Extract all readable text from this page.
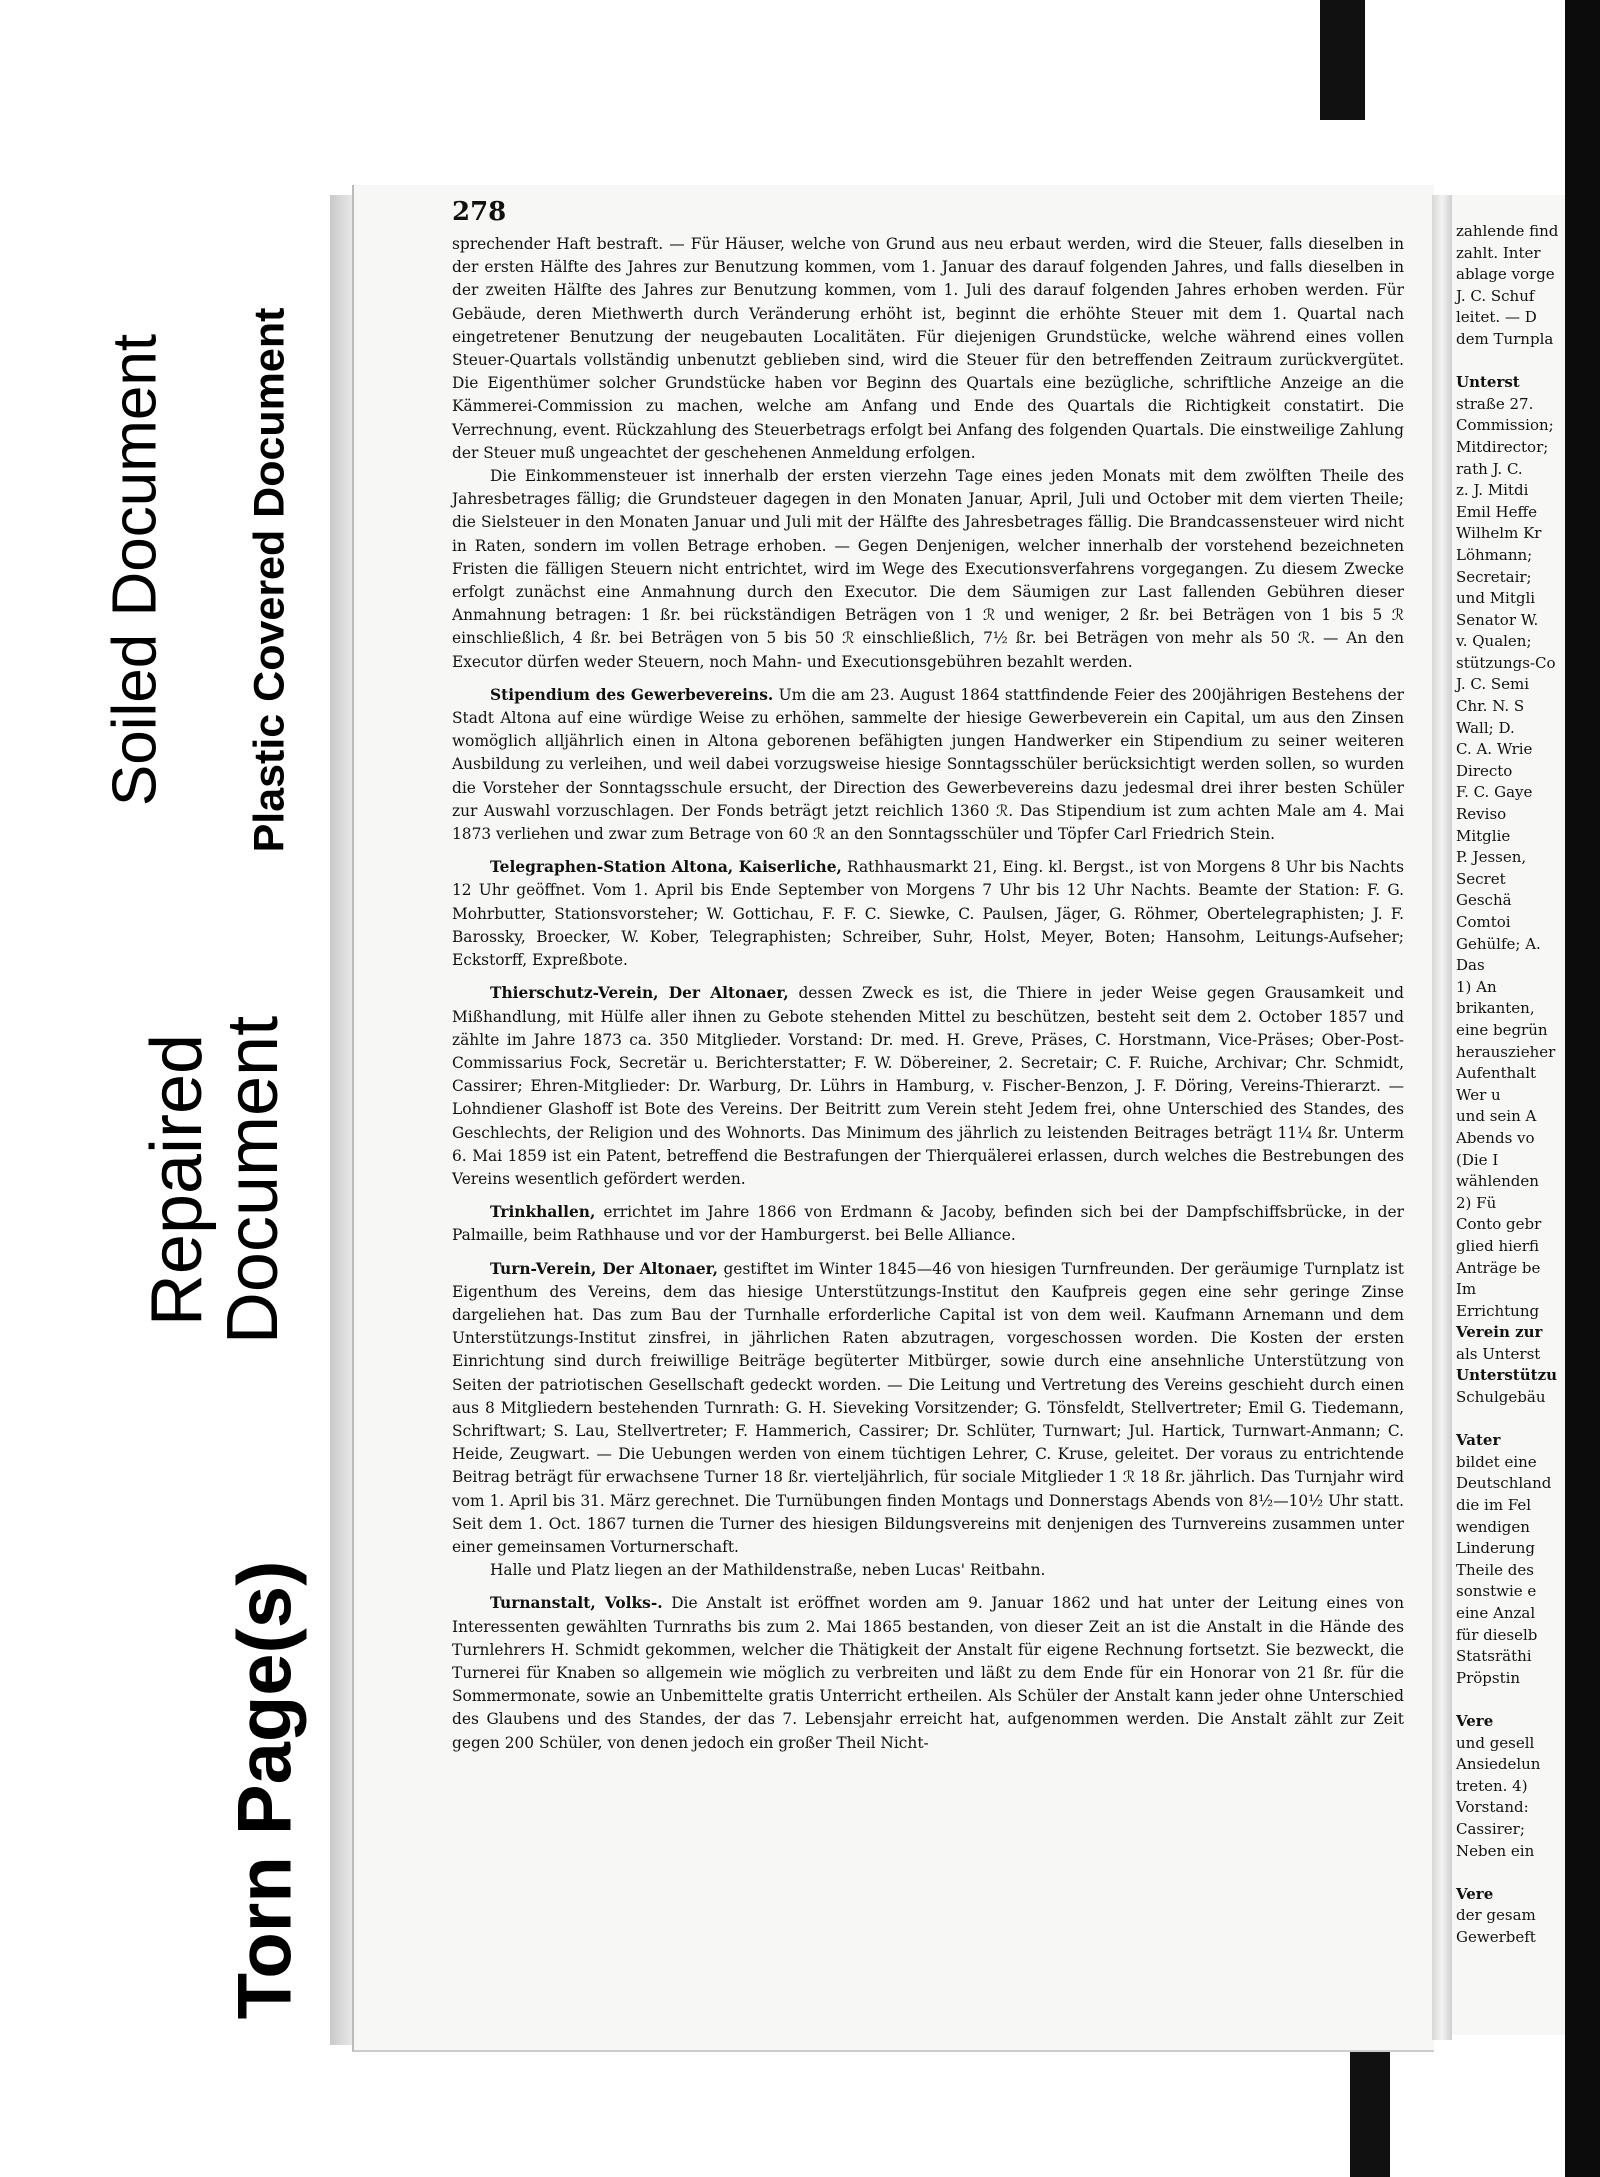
Soiled Document Plastic Covered Document
Repaired
Document
Torn Page(s)
278

sprechender Haft bestraft. — Für Häuser, welche von Grund aus neu erbaut werden, wird die Steuer, falls dieselben in der ersten Hälfte des Jahres zur Benutzung kommen, vom 1. Januar des darauf folgenden Jahres, und falls dieselben in der zweiten Hälfte des Jahres zur Benutzung kommen, vom 1. Juli des darauf folgenden Jahres erhoben werden. Für Gebäude, deren Miethwerth durch Veränderung erhöht ist, beginnt die erhöhte Steuer mit dem 1. Quartal nach eingetretener Benutzung der neugebauten Localitäten. Für diejenigen Grundstücke, welche während eines vollen Steuer-Quartals vollständig unbenutzt geblieben sind, wird die Steuer für den betreffenden Zeitraum zurückvergütet. Die Eigenthümer solcher Grundstücke haben vor Beginn des Quartals eine bezügliche, schriftliche Anzeige an die Kämmerei-Commission zu machen, welche am Anfang und Ende des Quartals die Richtigkeit constatirt. Die Verrechnung, event. Rückzahlung des Steuerbetrags erfolgt bei Anfang des folgenden Quartals. Die einstweilige Zahlung der Steuer muß ungeachtet der geschehenen Anmeldung erfolgen.

Die Einkommensteuer ist innerhalb der ersten vierzehn Tage eines jeden Monats mit dem zwölften Theile des Jahresbetrages fällig; die Grundsteuer dagegen in den Monaten Januar, April, Juli und October mit dem vierten Theile; die Sielsteuer in den Monaten Januar und Juli mit der Hälfte des Jahresbetrages fällig. Die Brandcassensteuer wird nicht in Raten, sondern im vollen Betrage erhoben. — Gegen Denjenigen, welcher innerhalb der vorstehend bezeichneten Fristen die fälligen Steuern nicht entrichtet, wird im Wege des Executionsverfahrens vorgegangen. Zu diesem Zwecke erfolgt zunächst eine Anmahnung durch den Executor. Die dem Säumigen zur Last fallenden Gebühren dieser Anmahnung betragen: 1 ßr. bei rückständigen Beträgen von 1 ℛ und weniger, 2 ßr. bei Beträgen von 1 bis 5 ℛ einschließlich, 4 ßr. bei Beträgen von 5 bis 50 ℛ einschließlich, 7½ ßr. bei Beträgen von mehr als 50 ℛ. — An den Executor dürfen weder Steuern, noch Mahn- und Executionsgebühren bezahlt werden.

Stipendium des Gewerbevereins. Um die am 23. August 1864 stattfindende Feier des 200jährigen Bestehens der Stadt Altona auf eine würdige Weise zu erhöhen, sammelte der hiesige Gewerbeverein ein Capital, um aus den Zinsen womöglich alljährlich einen in Altona geborenen befähigten jungen Handwerker ein Stipendium zu seiner weiteren Ausbildung zu verleihen, und weil dabei vorzugsweise hiesige Sonntagsschüler berücksichtigt werden sollen, so wurden die Vorsteher der Sonntagsschule ersucht, der Direction des Gewerbevereins dazu jedesmal drei ihrer besten Schüler zur Auswahl vorzuschlagen. Der Fonds beträgt jetzt reichlich 1360 ℛ. Das Stipendium ist zum achten Male am 4. Mai 1873 verliehen und zwar zum Betrage von 60 ℛ an den Sonntagsschüler und Töpfer Carl Friedrich Stein.

Telegraphen-Station Altona, Kaiserliche, Rathhausmarkt 21, Eing. kl. Bergst., ist von Morgens 8 Uhr bis Nachts 12 Uhr geöffnet. Vom 1. April bis Ende September von Morgens 7 Uhr bis 12 Uhr Nachts. Beamte der Station: F. G. Mohrbutter, Stationsvorsteher; W. Gottichau, F. F. C. Siewke, C. Paulsen, Jäger, G. Röhmer, Obertelegraphisten; J. F. Barossky, Broecker, W. Kober, Telegraphisten; Schreiber, Suhr, Holst, Meyer, Boten; Hansohm, Leitungs-Aufseher; Eckstorff, Expreßbote.

Thierschutz-Verein, Der Altonaer, dessen Zweck es ist, die Thiere in jeder Weise gegen Grausamkeit und Mißhandlung, mit Hülfe aller ihnen zu Gebote stehenden Mittel zu beschützen, besteht seit dem 2. October 1857 und zählte im Jahre 1873 ca. 350 Mitglieder. Vorstand: Dr. med. H. Greve, Präses, C. Horstmann, Vice-Präses; Ober-Post-Commissarius Fock, Secretär u. Berichterstatter; F. W. Döbereiner, 2. Secretair; C. F. Ruiche, Archivar; Chr. Schmidt, Cassirer; Ehren-Mitglieder: Dr. Warburg, Dr. Lührs in Hamburg, v. Fischer-Benzon, J. F. Döring, Vereins-Thierarzt. — Lohndiener Glashoff ist Bote des Vereins. Der Beitritt zum Verein steht Jedem frei, ohne Unterschied des Standes, des Geschlechts, der Religion und des Wohnorts. Das Minimum des jährlich zu leistenden Beitrages beträgt 11¼ ßr. Unterm 6. Mai 1859 ist ein Patent, betreffend die Bestrafungen der Thierquälerei erlassen, durch welches die Bestrebungen des Vereins wesentlich gefördert werden.

Trinkhallen, errichtet im Jahre 1866 von Erdmann & Jacoby, befinden sich bei der Dampfschiffsbrücke, in der Palmaille, beim Rathhause und vor der Hamburgerst. bei Belle Alliance.

Turn-Verein, Der Altonaer, gestiftet im Winter 1845—46 von hiesigen Turnfreunden. Der geräumige Turnplatz ist Eigenthum des Vereins, dem das hiesige Unterstützungs-Institut den Kaufpreis gegen eine sehr geringe Zinse dargeliehen hat. Das zum Bau der Turnhalle erforderliche Capital ist von dem weil. Kaufmann Arnemann und dem Unterstützungs-Institut zinsfrei, in jährlichen Raten abzutragen, vorgeschossen worden. Die Kosten der ersten Einrichtung sind durch freiwillige Beiträge begüterter Mitbürger, sowie durch eine ansehnliche Unterstützung von Seiten der patriotischen Gesellschaft gedeckt worden. — Die Leitung und Vertretung des Vereins geschieht durch einen aus 8 Mitgliedern bestehenden Turnrath: G. H. Sieveking Vorsitzender; G. Tönsfeldt, Stellvertreter; Emil G. Tiedemann, Schriftwart; S. Lau, Stellvertreter; F. Hammerich, Cassirer; Dr. Schlüter, Turnwart; Jul. Hartick, Turnwart-Anmann; C. Heide, Zeugwart. — Die Uebungen werden von einem tüchtigen Lehrer, C. Kruse, geleitet. Der voraus zu entrichtende Beitrag beträgt für erwachsene Turner 18 ßr. vierteljährlich, für sociale Mitglieder 1 ℛ 18 ßr. jährlich. Das Turnjahr wird vom 1. April bis 31. März gerechnet. Die Turnübungen finden Montags und Donnerstags Abends von 8½—10½ Uhr statt. Seit dem 1. Oct. 1867 turnen die Turner des hiesigen Bildungsvereins mit denjenigen des Turnvereins zusammen unter einer gemeinsamen Vorturnerschaft.

Halle und Platz liegen an der Mathildenstraße, neben Lucas' Reitbahn.

Turnanstalt, Volks-. Die Anstalt ist eröffnet worden am 9. Januar 1862 und hat unter der Leitung eines von Interessenten gewählten Turnraths bis zum 2. Mai 1865 bestanden, von dieser Zeit an ist die Anstalt in die Hände des Turnlehrers H. Schmidt gekommen, welcher die Thätigkeit der Anstalt für eigene Rechnung fortsetzt. Sie bezweckt, die Turnerei für Knaben so allgemein wie möglich zu verbreiten und läßt zu dem Ende für ein Honorar von 21 ßr. für die Sommermonate, sowie an Unbemittelte gratis Unterricht ertheilen. Als Schüler der Anstalt kann jeder ohne Unterschied des Glaubens und des Standes, der das 7. Lebensjahr erreicht hat, aufgenommen werden. Die Anstalt zählt zur Zeit gegen 200 Schüler, von denen jedoch ein großer Theil Nicht-

zahlende find
zahlt. Inter
ablage vorge
J. C. Schuf
leitet. — D
dem Turnpla
Unterst
straße 27.
Commission;
Mitdirector;
rath J. C.
z. J. Mitdi
Emil Heffe
Wilhelm Kr
Löhmann;
Secretair;
und Mitgli
Senator W.
v. Qualen;
stützungs-Co
J. C. Semi
Chr. N. S
Wall; D.
C. A. Wrie
Directo
F. C. Gaye
Reviso
Mitglie
P. Jessen,
Secret
Geschä
Comtoi
Gehülfe; A.
Das
1) An
brikanten,
eine begrün
herauszieher
Aufenthalt
Wer u
und sein A
Abends vo
(Die I
wählenden
2) Fü
Conto gebr
glied hierfi
Anträge be
Im
Errichtung
Verein zur
als Unterst
Unterstützu
Schulgebäu
Vater
bildet eine
Deutschland
die im Fel
wendigen
Linderung
Theile des
sonstwie e
eine Anzal
für dieselb
Statsräthi
Pröpstin
Vere
und gesell
Ansiedelun
treten. 4)
Vorstand:
Cassirer;
Neben ein
Vere
der gesam
Gewerbeft
